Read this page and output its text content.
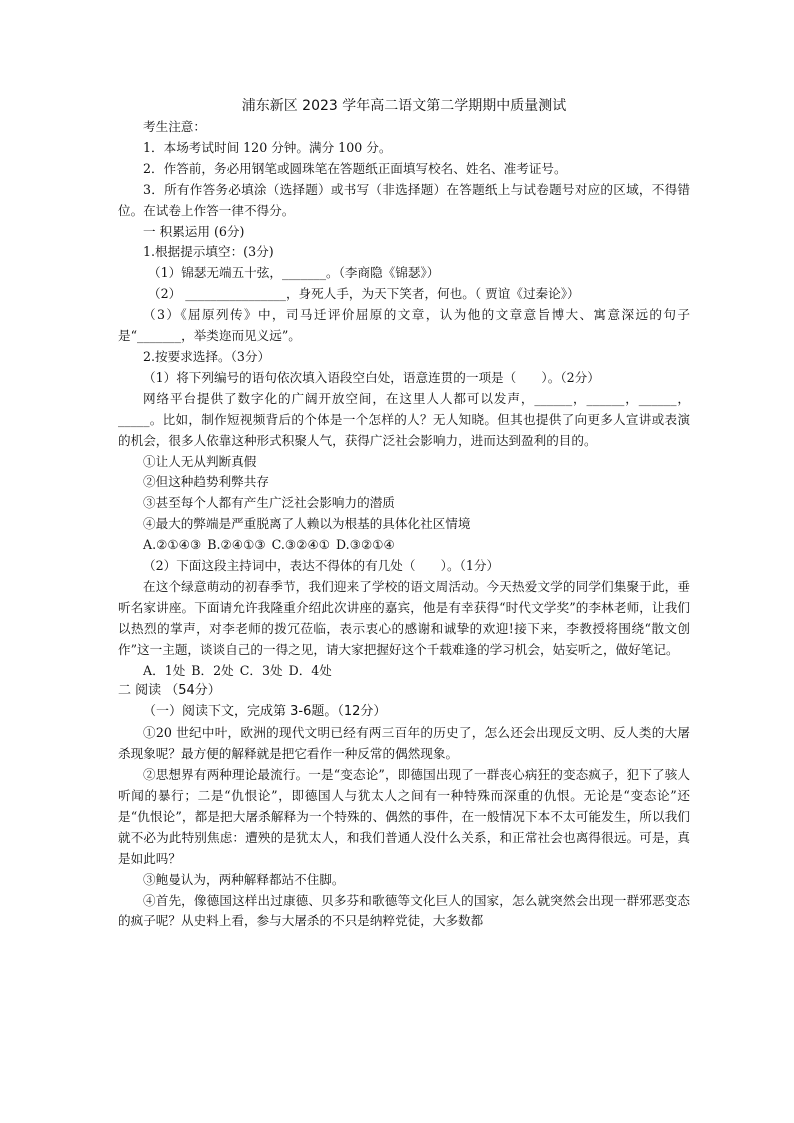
浦东新区 2023 学年高二语文第二学期期中质量测试
考生注意：
1．本场考试时间 120 分钟。满分 100 分。
2．作答前，务必用钢笔或圆珠笔在答题纸正面填写校名、姓名、准考证号。

3．所有作答务必填涂（选择题）或书写（非选择题）在答题纸上与试卷题号对应的区域，不得错位。在试卷上作答一律不得分。

一 积累运用 (6分)
1.根据提示填空：(3分)
（1）锦瑟无端五十弦，_______。（李商隐《锦瑟》）
（2） ________________，身死人手，为天下笑者，何也。（ 贾谊《过秦论》）

（3）《屈原列传》中，司马迁评价屈原的文章，认为他的文章意旨博大、寓意深远的句子是“_______，举类迩而见义远”。

2.按要求选择。（3分）

（1）将下列编号的语句依次填入语段空白处，语意连贯的一项是（　　）。（2分）

网络平台提供了数字化的广阔开放空间，在这里人人都可以发声，______，______，______，_____。比如，制作短视频背后的个体是一个怎样的人？无人知晓。但其也提供了向更多人宣讲或表演的机会，很多人依靠这种形式积聚人气，获得广泛社会影响力，进而达到盈利的目的。

①让人无从判断真假
②但这种趋势利弊共存
③甚至每个人都有产生广泛社会影响力的潜质
④最大的弊端是严重脱离了人赖以为根基的具体化社区情境
A.②①④③ B.②④①③ C.③②④① D.③②①④
（2）下面这段主持词中，表达不得体的有几处（　　）。（1分）

在这个绿意萌动的初春季节，我们迎来了学校的语文周活动。今天热爱文学的同学们集聚于此，垂听名家讲座。下面请允许我隆重介绍此次讲座的嘉宾，他是有幸获得“时代文学奖”的李林老师，让我们以热烈的掌声，对李老师的拨冗莅临，表示衷心的感谢和诚挚的欢迎!接下来，李教授将围绕“散文创作”这一主题，谈谈自己的一得之见，请大家把握好这个千载难逢的学习机会，姑妄听之，做好笔记。

A．1处 B．2处 C．3处 D．4处
二 阅读 （54分）
（一）阅读下文，完成第 3-6题。（12分）

①20 世纪中叶，欧洲的现代文明已经有两三百年的历史了，怎么还会出现反文明、反人类的大屠杀现象呢？最方便的解释就是把它看作一种反常的偶然现象。

②思想界有两种理论最流行。一是“变态论”，即德国出现了一群丧心病狂的变态疯子，犯下了骇人听闻的暴行；二是“仇恨论”，即德国人与犹太人之间有一种特殊而深重的仇恨。无论是“变态论”还是“仇恨论”，都是把大屠杀解释为一个特殊的、偶然的事件，在一般情况下本不太可能发生，所以我们就不必为此特别焦虑：遭殃的是犹太人，和我们普通人没什么关系，和正常社会也离得很远。可是，真是如此吗？

③鲍曼认为，两种解释都站不住脚。

④首先，像德国这样出过康德、贝多芬和歌德等文化巨人的国家，怎么就突然会出现一群邪恶变态的疯子呢？从史料上看，参与大屠杀的不只是纳粹党徒，大多数都
